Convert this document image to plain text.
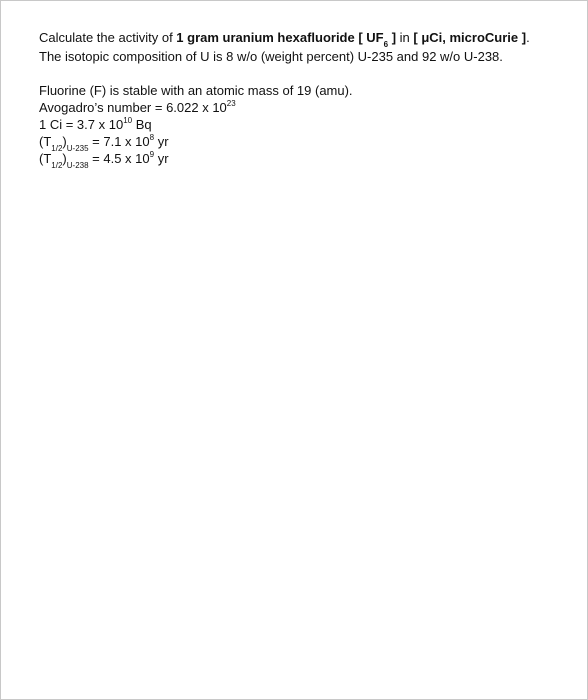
Calculate the activity of 1 gram uranium hexafluoride [ $UF_6$ ] in [ μCi, microCurie ].
The isotopic composition of U is 8 w/o (weight percent) U-235 and 92 w/o U-238.
Fluorine (F) is stable with an atomic mass of 19 (amu).
Avogadro’s number = 6.022 x $10^{23}$
1 Ci = 3.7 x $10^{10}$ Bq
$(T_{1/2})_{U-235} = 7.1$ x $10^8$ yr
$(T_{1/2})_{U-238} = 4.5$ x $10^9$ yr
